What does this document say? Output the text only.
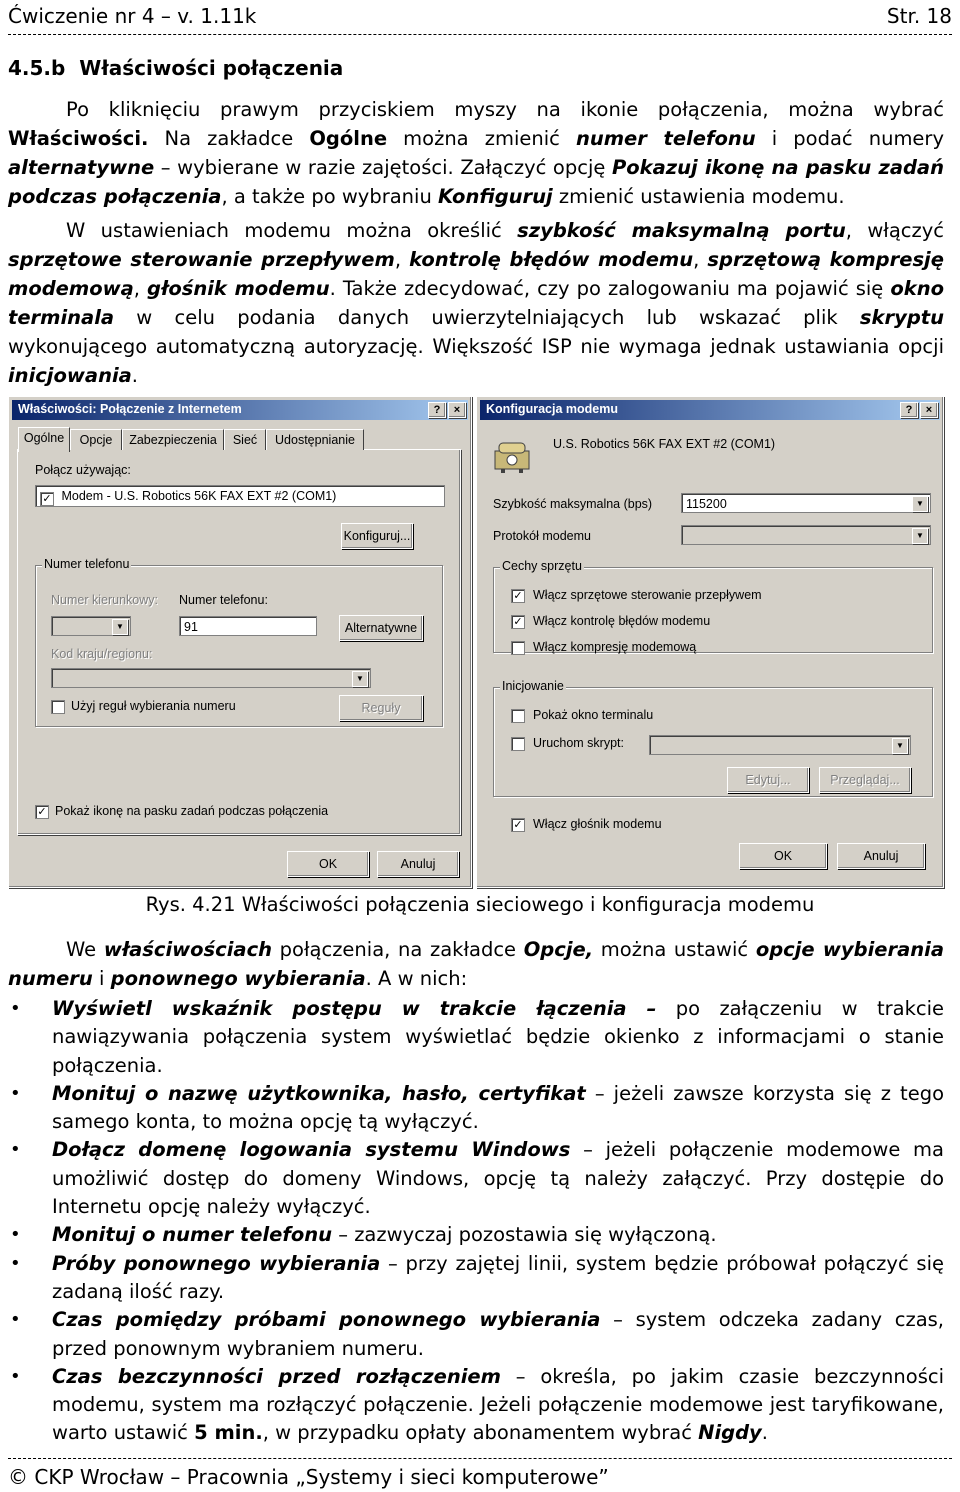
Ćwiczenie nr 4 – v. 1.11k	Str. 18
4.5.b  Właściwości połączenia
Po kliknięciu prawym przyciskiem myszy na ikonie połączenia, można wybrać Właściwości. Na zakładce Ogólne można zmienić numer telefonu i podać numery alternatywne – wybierane w razie zajętości. Załączyć opcję Pokazuj ikonę na pasku zadań podczas połączenia, a także po wybraniu Konfiguruj zmienić ustawienia modemu.
W ustawieniach modemu można określić szybkość maksymalną portu, włączyć sprzętowe sterowanie przepływem, kontrolę błędów modemu, sprzętową kompresję modemową, głośnik modemu. Także zdecydować, czy po zalogowaniu ma pojawić się okno terminala w celu podania danych uwierzytelniających lub wskazać plik skryptu wykonującego automatyczną autoryzację. Większość ISP nie wymaga jednak ustawiania opcji inicjowania.
Właściwości: Połączenie z Internetem	?	×
Ogólne	Opcje	Zabezpieczenia	Sieć	Udostępnianie
Połącz używając:
✓ Modem - U.S. Robotics 56K FAX EXT #2 (COM1)
Konfiguruj...
Numer telefonu
Numer kierunkowy:
▼
Numer telefonu:
91	Alternatywne
Kod kraju/regionu:
▼
Użyj reguł wybierania numeru	Reguły
✓ Pokaż ikonę na pasku zadań podczas połączenia
OK	Anuluj
Konfiguracja modemu	?	×
U.S. Robotics 56K FAX EXT #2 (COM1)
Szybkość maksymalna (bps)	115200	▼
Protokół modemu	▼
Cechy sprzętu
✓ Włącz sprzętowe sterowanie przepływem
✓ Włącz kontrolę błędów modemu
Włącz kompresję modemową
Inicjowanie
Pokaż okno terminalu
Uruchom skrypt:	▼
Edytuj...	Przeglądaj...
✓ Włącz głośnik modemu
OK	Anuluj
Rys. 4.21 Właściwości połączenia sieciowego i konfiguracja modemu
We właściwościach połączenia, na zakładce Opcje, można ustawić opcje wybierania numeru i ponownego wybierania. A w nich:
• Wyświetl wskaźnik postępu w trakcie łączenia – po załączeniu w trakcie nawiązywania połączenia system wyświetlać będzie okienko z informacjami o stanie połączenia.
• Monituj o nazwę użytkownika, hasło, certyfikat – jeżeli zawsze korzysta się z tego samego konta, to można opcję tą wyłączyć.
• Dołącz domenę logowania systemu Windows – jeżeli połączenie modemowe ma umożliwić dostęp do domeny Windows, opcję tą należy załączyć. Przy dostępie do Internetu opcję należy wyłączyć.
• Monituj o numer telefonu – zazwyczaj pozostawia się wyłączoną.
• Próby ponownego wybierania – przy zajętej linii, system będzie próbował połączyć się zadaną ilość razy.
• Czas pomiędzy próbami ponownego wybierania – system odczeka zadany czas, przed ponownym wybraniem numeru.
• Czas bezczynności przed rozłączeniem – określa, po jakim czasie bezczynności modemu, system ma rozłączyć połączenie. Jeżeli połączenie modemowe jest taryfikowane, warto ustawić 5 min., w przypadku opłaty abonamentem wybrać Nigdy.
© CKP Wrocław – Pracownia „Systemy i sieci komputerowe”
